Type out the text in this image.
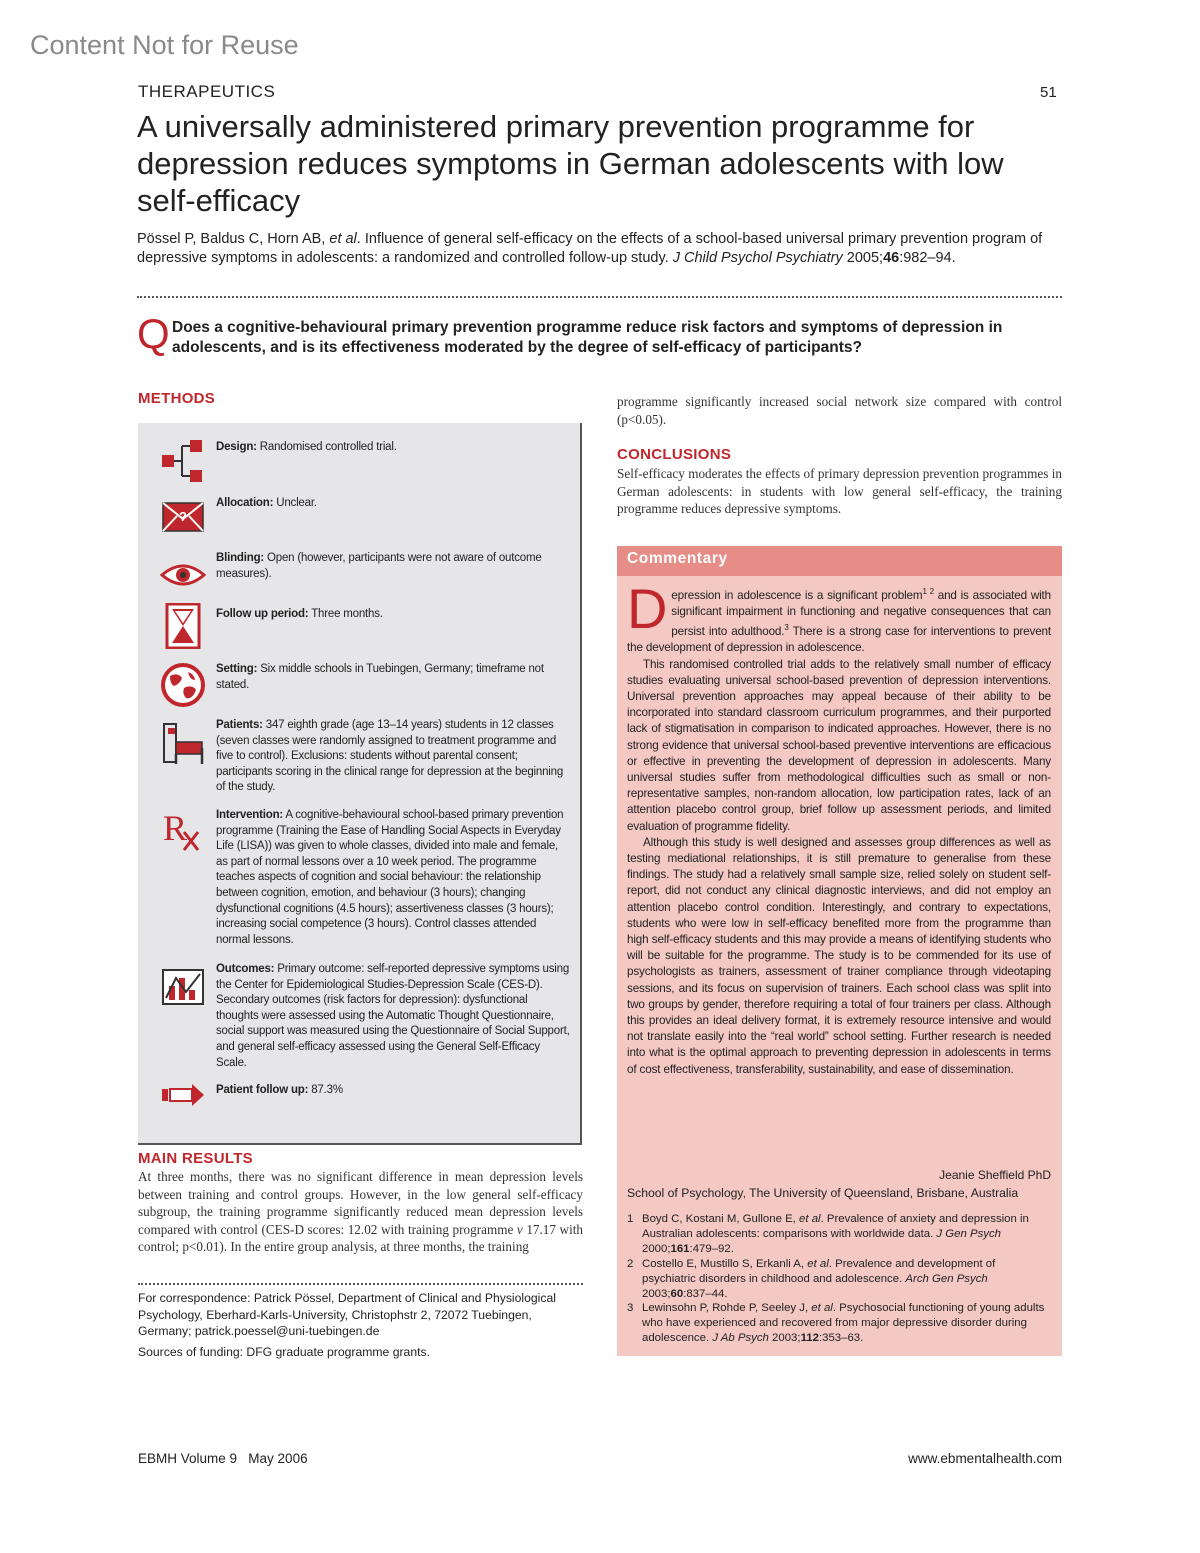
Content Not for Reuse
THERAPEUTICS	51
A universally administered primary prevention programme for depression reduces symptoms in German adolescents with low self-efficacy
Pössel P, Baldus C, Horn AB, et al. Influence of general self-efficacy on the effects of a school-based universal primary prevention program of depressive symptoms in adolescents: a randomized and controlled follow-up study. J Child Psychol Psychiatry 2005;46:982–94.
Q Does a cognitive-behavioural primary prevention programme reduce risk factors and symptoms of depression in adolescents, and is its effectiveness moderated by the degree of self-efficacy of participants?
METHODS
?
R
Design: Randomised controlled trial.
Allocation: Unclear.
Blinding: Open (however, participants were not aware of outcome measures).
Follow up period: Three months.
Setting: Six middle schools in Tuebingen, Germany; timeframe not stated.
Patients: 347 eighth grade (age 13–14 years) students in 12 classes (seven classes were randomly assigned to treatment programme and five to control). Exclusions: students without parental consent; participants scoring in the clinical range for depression at the beginning of the study.
Intervention: A cognitive-behavioural school-based primary prevention programme (Training the Ease of Handling Social Aspects in Everyday Life (LISA)) was given to whole classes, divided into male and female, as part of normal lessons over a 10 week period. The programme teaches aspects of cognition and social behaviour: the relationship between cognition, emotion, and behaviour (3 hours); changing dysfunctional cognitions (4.5 hours); assertiveness classes (3 hours); increasing social competence (3 hours). Control classes attended normal lessons.
Outcomes: Primary outcome: self-reported depressive symptoms using the Center for Epidemiological Studies-Depression Scale (CES-D). Secondary outcomes (risk factors for depression): dysfunctional thoughts were assessed using the Automatic Thought Questionnaire, social support was measured using the Questionnaire of Social Support, and general self-efficacy assessed using the General Self-Efficacy Scale.
Patient follow up: 87.3%
MAIN RESULTS
At three months, there was no significant difference in mean depression levels between training and control groups. However, in the low general self-efficacy subgroup, the training programme significantly reduced mean depression levels compared with control (CES-D scores: 12.02 with training programme v 17.17 with control; p<0.01). In the entire group analysis, at three months, the training
For correspondence: Patrick Pössel, Department of Clinical and Physiological Psychology, Eberhard-Karls-University, Christophstr 2, 72072 Tuebingen, Germany; patrick.poessel@uni-tuebingen.de
Sources of funding: DFG graduate programme grants.
programme significantly increased social network size compared with control (p<0.05).
CONCLUSIONS
Self-efficacy moderates the effects of primary depression prevention programmes in German adolescents: in students with low general self-efficacy, the training programme reduces depressive symptoms.
Commentary

Depression in adolescence is a significant problem$^{1 2}$ and is associated with significant impairment in functioning and negative consequences that can persist into adulthood.$^3$ There is a strong case for interventions to prevent the development of depression in adolescence.

This randomised controlled trial adds to the relatively small number of efficacy studies evaluating universal school-based prevention of depression interventions. Universal prevention approaches may appeal because of their ability to be incorporated into standard classroom curriculum programmes, and their purported lack of stigmatisation in comparison to indicated approaches. However, there is no strong evidence that universal school-based preventive interventions are efficacious or effective in preventing the development of depression in adolescents. Many universal studies suffer from methodological difficulties such as small or non-representative samples, non-random allocation, low participation rates, lack of an attention placebo control group, brief follow up assessment periods, and limited evaluation of programme fidelity.

Although this study is well designed and assesses group differences as well as testing mediational relationships, it is still premature to generalise from these findings. The study had a relatively small sample size, relied solely on student self-report, did not conduct any clinical diagnostic interviews, and did not employ an attention placebo control condition. Interestingly, and contrary to expectations, students who were low in self-efficacy benefited more from the programme than high self-efficacy students and this may provide a means of identifying students who will be suitable for the programme. The study is to be commended for its use of psychologists as trainers, assessment of trainer compliance through videotaping sessions, and its focus on supervision of trainers. Each school class was split into two groups by gender, therefore requiring a total of four trainers per class. Although this provides an ideal delivery format, it is extremely resource intensive and would not translate easily into the “real world” school setting. Further research is needed into what is the optimal approach to preventing depression in adolescents in terms of cost effectiveness, transferability, sustainability, and ease of dissemination.

Jeanie Sheffield PhD
School of Psychology, The University of Queensland, Brisbane, Australia
1 Boyd C, Kostani M, Gullone E, et al. Prevalence of anxiety and depression in Australian adolescents: comparisons with worldwide data. J Gen Psych 2000;161:479–92.
2 Costello E, Mustillo S, Erkanli A, et al. Prevalence and development of psychiatric disorders in childhood and adolescence. Arch Gen Psych 2003;60:837–44.
3 Lewinsohn P, Rohde P, Seeley J, et al. Psychosocial functioning of young adults who have experienced and recovered from major depressive disorder during adolescence. J Ab Psych 2003;112:353–63.
EBMH Volume 9   May 2006	www.ebmentalhealth.com
